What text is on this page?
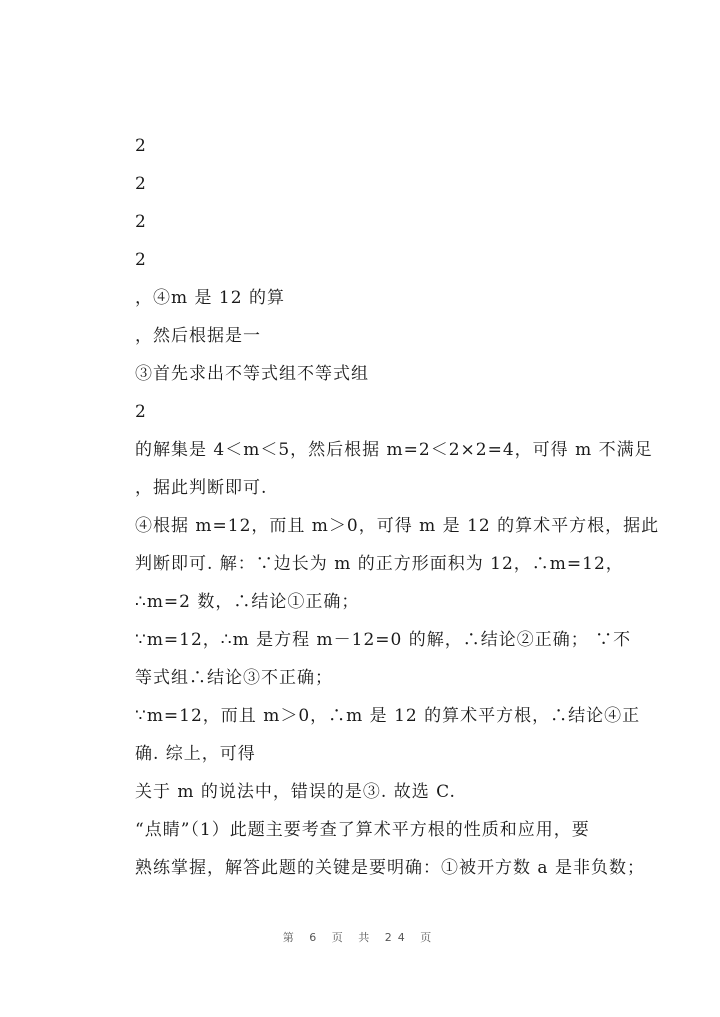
2
2
2
2
，④m 是 12 的算
，然后根据是一
③首先求出不等式组不等式组
2
的解集是 4＜m＜5，然后根据 m=2＜2×2=4，可得 m 不满足
，据此判断即可.
④根据 m=12，而且 m＞0，可得 m 是 12 的算术平方根，据此
判断即可. 解：∵边长为 m 的正方形面积为 12，∴m=12，
∴m=2 数，∴结论①正确；
∵m=12，∴m 是方程 m－12=0 的解，∴结论②正确； ∵不
等式组∴结论③不正确；
∵m=12，而且 m＞0，∴m 是 12 的算术平方根，∴结论④正
确. 综上，可得
关于 m 的说法中，错误的是③. 故选 C.
“点睛”（1）此题主要考查了算术平方根的性质和应用，要
熟练掌握，解答此题的关键是要明确：①被开方数 a 是非负数；
第 6 页 共 24 页
